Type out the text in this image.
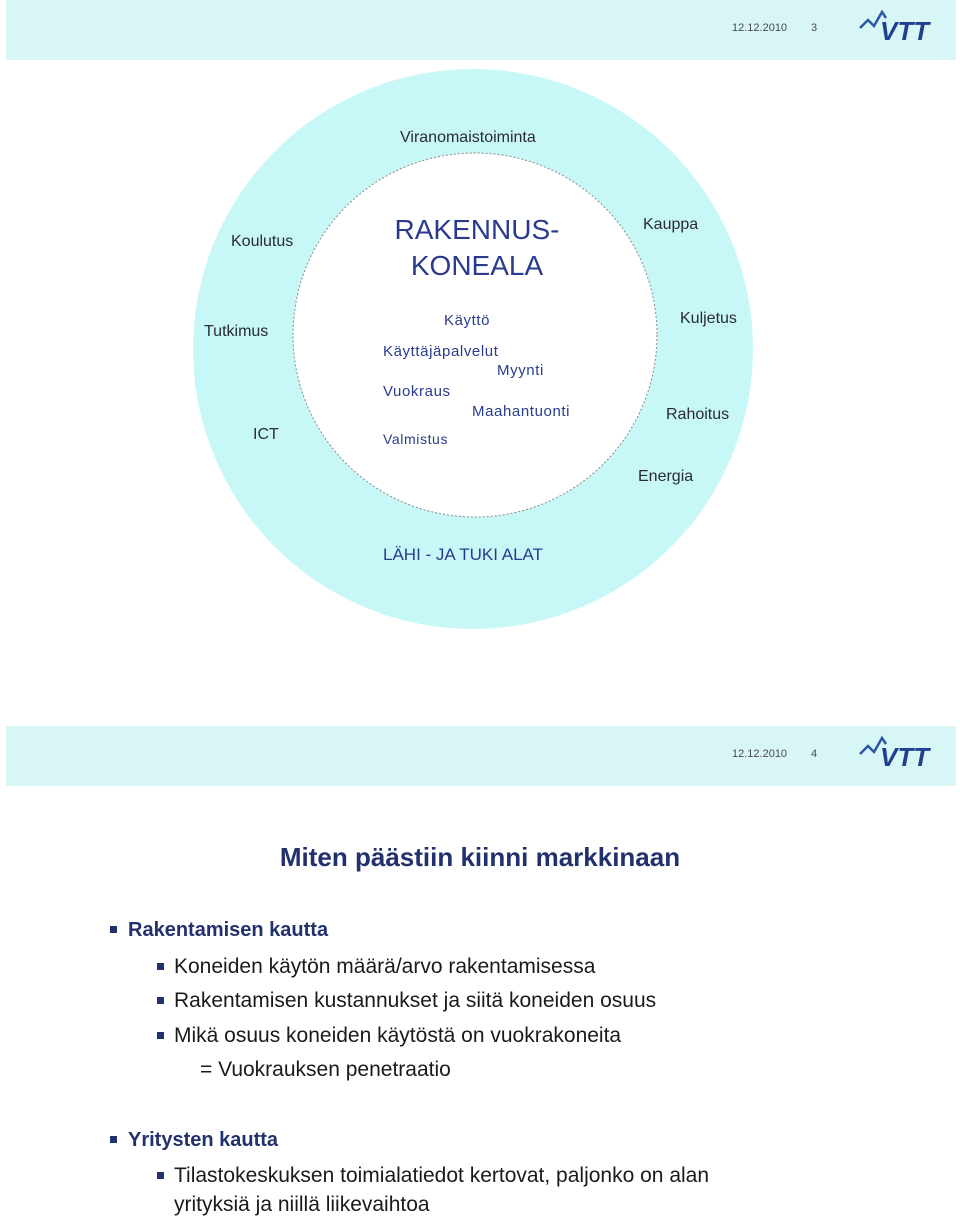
12.12.2010 3 VTT
Viranomaistoiminta
Koulutus
Kauppa
Tutkimus
Kuljetus
ICT
Rahoitus
Energia
RAKENNUS-
KONEALA
Käyttö
Käyttäjäpalvelut
Myynti
Vuokraus
Maahantuonti
Valmistus
LÄHI - JA TUKI ALAT
12.12.2010 4 VTT
Miten päästiin kiinni markkinaan
Rakentamisen kautta
Koneiden käytön määrä/arvo rakentamisessa
Rakentamisen kustannukset ja siitä koneiden osuus
Mikä osuus koneiden käytöstä on vuokrakoneita
= Vuokrauksen penetraatio
Yritysten kautta
Tilastokeskuksen toimialatiedot kertovat, paljonko on alan
yrityksiä ja niillä liikevaihtoa
